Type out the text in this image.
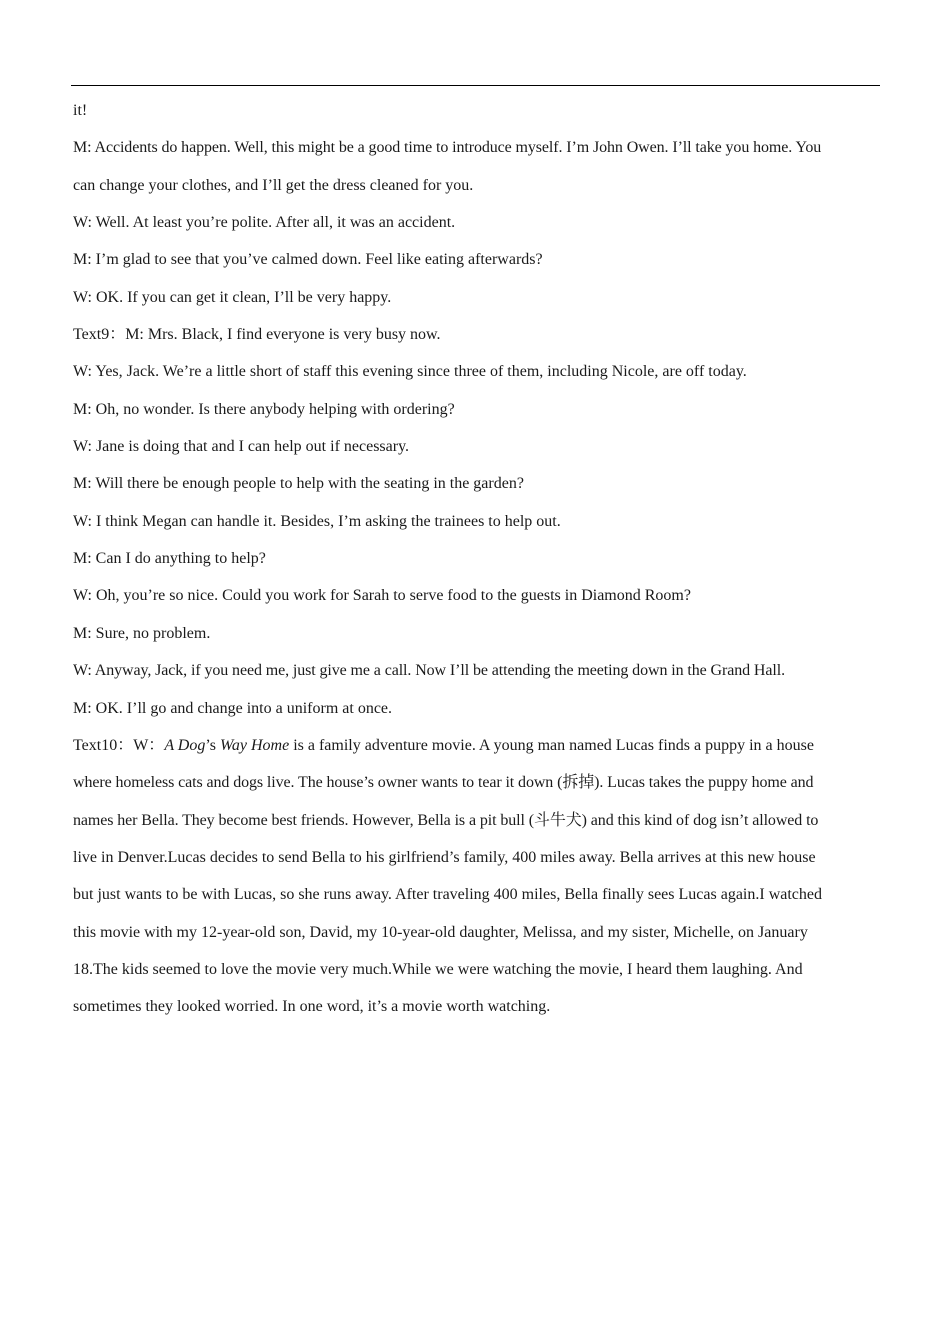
it!
M: Accidents do happen. Well, this might be a good time to introduce myself. I’m John Owen. I’ll take you home. You
can change your clothes, and I’ll get the dress cleaned for you.
W: Well. At least you’re polite. After all, it was an accident.
M: I’m glad to see that you’ve calmed down. Feel like eating afterwards?
W: OK. If you can get it clean, I’ll be very happy.
Text9：M: Mrs. Black, I find everyone is very busy now.
W: Yes, Jack. We’re a little short of staff this evening since three of them, including Nicole, are off today.
M: Oh, no wonder. Is there anybody helping with ordering?
W: Jane is doing that and I can help out if necessary.
M: Will there be enough people to help with the seating in the garden?
W: I think Megan can handle it. Besides, I’m asking the trainees to help out.
M: Can I do anything to help?
W: Oh, you’re so nice. Could you work for Sarah to serve food to the guests in Diamond Room?
M: Sure, no problem.
W: Anyway, Jack, if you need me, just give me a call. Now I’ll be attending the meeting down in the Grand Hall.
M: OK. I’ll go and change into a uniform at once.
Text10：W：A Dog’s Way Home is a family adventure movie. A young man named Lucas finds a puppy in a house
where homeless cats and dogs live. The house’s owner wants to tear it down (拆掉). Lucas takes the puppy home and
names her Bella. They become best friends. However, Bella is a pit bull (斗牛犬) and this kind of dog isn’t allowed to
live in Denver.Lucas decides to send Bella to his girlfriend’s family, 400 miles away. Bella arrives at this new house
but just wants to be with Lucas, so she runs away. After traveling 400 miles, Bella finally sees Lucas again.I watched
this movie with my 12-year-old son, David, my 10-year-old daughter, Melissa, and my sister, Michelle, on January
18.The kids seemed to love the movie very much.While we were watching the movie, I heard them laughing. And
sometimes they looked worried. In one word, it’s a movie worth watching.
